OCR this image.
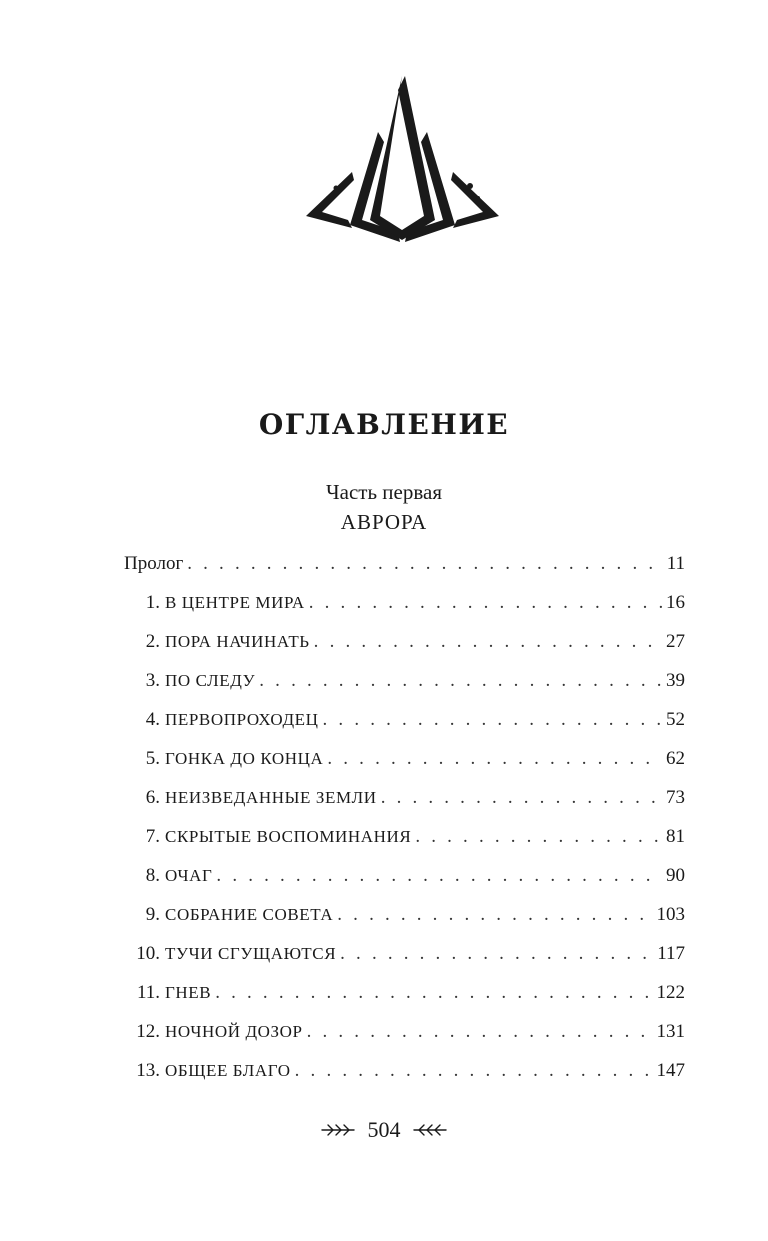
ОГЛАВЛЕНИЕ
Часть первая
АВРОРА
Пролог . . .	11
1. В ЦЕНТРЕ МИРА . . .	16
2. ПОРА НАЧИНАТЬ . . .	27
3. ПО СЛЕДУ . . .	39
4. ПЕРВОПРОХОДЕЦ . . .	52
5. ГОНКА ДО КОНЦА . . .	62
6. НЕИЗВЕДАННЫЕ ЗЕМЛИ . . .	73
7. СКРЫТЫЕ ВОСПОМИНАНИЯ . . .	81
8. ОЧАГ . . .	90
9. СОБРАНИЕ СОВЕТА . . .	103
10. ТУЧИ СГУЩАЮТСЯ . . .	117
11. ГНЕВ . . .	122
12. НОЧНОЙ ДОЗОР . . .	131
13. ОБЩЕЕ БЛАГО . . .	147
504
